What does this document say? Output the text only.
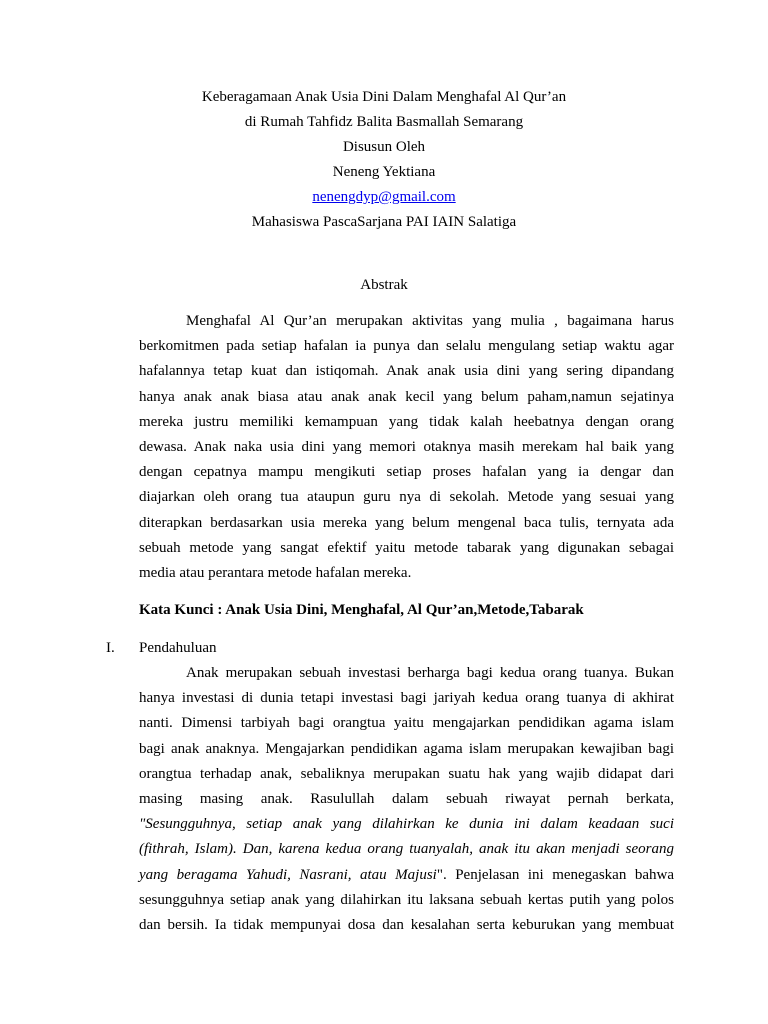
Keberagamaan Anak Usia Dini Dalam Menghafal Al Qur’an
di Rumah Tahfidz Balita Basmallah Semarang
Disusun Oleh
Neneng Yektiana
nenengdyp@gmail.com
Mahasiswa PascaSarjana PAI IAIN Salatiga
Abstrak
Menghafal Al Qur’an merupakan aktivitas yang mulia , bagaimana harus
berkomitmen pada setiap hafalan ia punya dan selalu mengulang setiap waktu agar
hafalannya tetap kuat dan istiqomah. Anak anak usia dini yang sering dipandang
hanya anak anak biasa atau anak anak kecil yang belum paham,namun sejatinya
mereka justru memiliki kemampuan yang tidak kalah heebatnya dengan orang
dewasa. Anak naka usia dini yang memori otaknya masih merekam hal baik yang
dengan cepatnya mampu mengikuti setiap proses hafalan yang ia dengar dan
diajarkan oleh orang tua ataupun guru nya di sekolah. Metode yang sesuai yang
diterapkan berdasarkan usia mereka yang belum mengenal baca tulis, ternyata ada
sebuah metode yang sangat efektif yaitu metode tabarak yang digunakan sebagai
media atau perantara metode hafalan mereka.
Kata Kunci : Anak Usia Dini, Menghafal, Al Qur’an,Metode,Tabarak
I. Pendahuluan
Anak merupakan sebuah investasi berharga bagi kedua orang tuanya. Bukan
hanya investasi di dunia tetapi investasi bagi jariyah kedua orang tuanya di akhirat
nanti. Dimensi tarbiyah bagi orangtua yaitu mengajarkan pendidikan agama islam
bagi anak anaknya. Mengajarkan pendidikan agama islam merupakan kewajiban bagi
orangtua terhadap anak, sebaliknya merupakan suatu hak yang wajib didapat dari
masing masing anak. Rasulullah dalam sebuah riwayat pernah berkata,
"Sesungguhnya, setiap anak yang dilahirkan ke dunia ini dalam keadaan suci
(fithrah, Islam). Dan, karena kedua orang tuanyalah, anak itu akan menjadi seorang
yang beragama Yahudi, Nasrani, atau Majusi". Penjelasan ini menegaskan bahwa
sesungguhnya setiap anak yang dilahirkan itu laksana sebuah kertas putih yang polos
dan bersih. Ia tidak mempunyai dosa dan kesalahan serta keburukan yang membuat
